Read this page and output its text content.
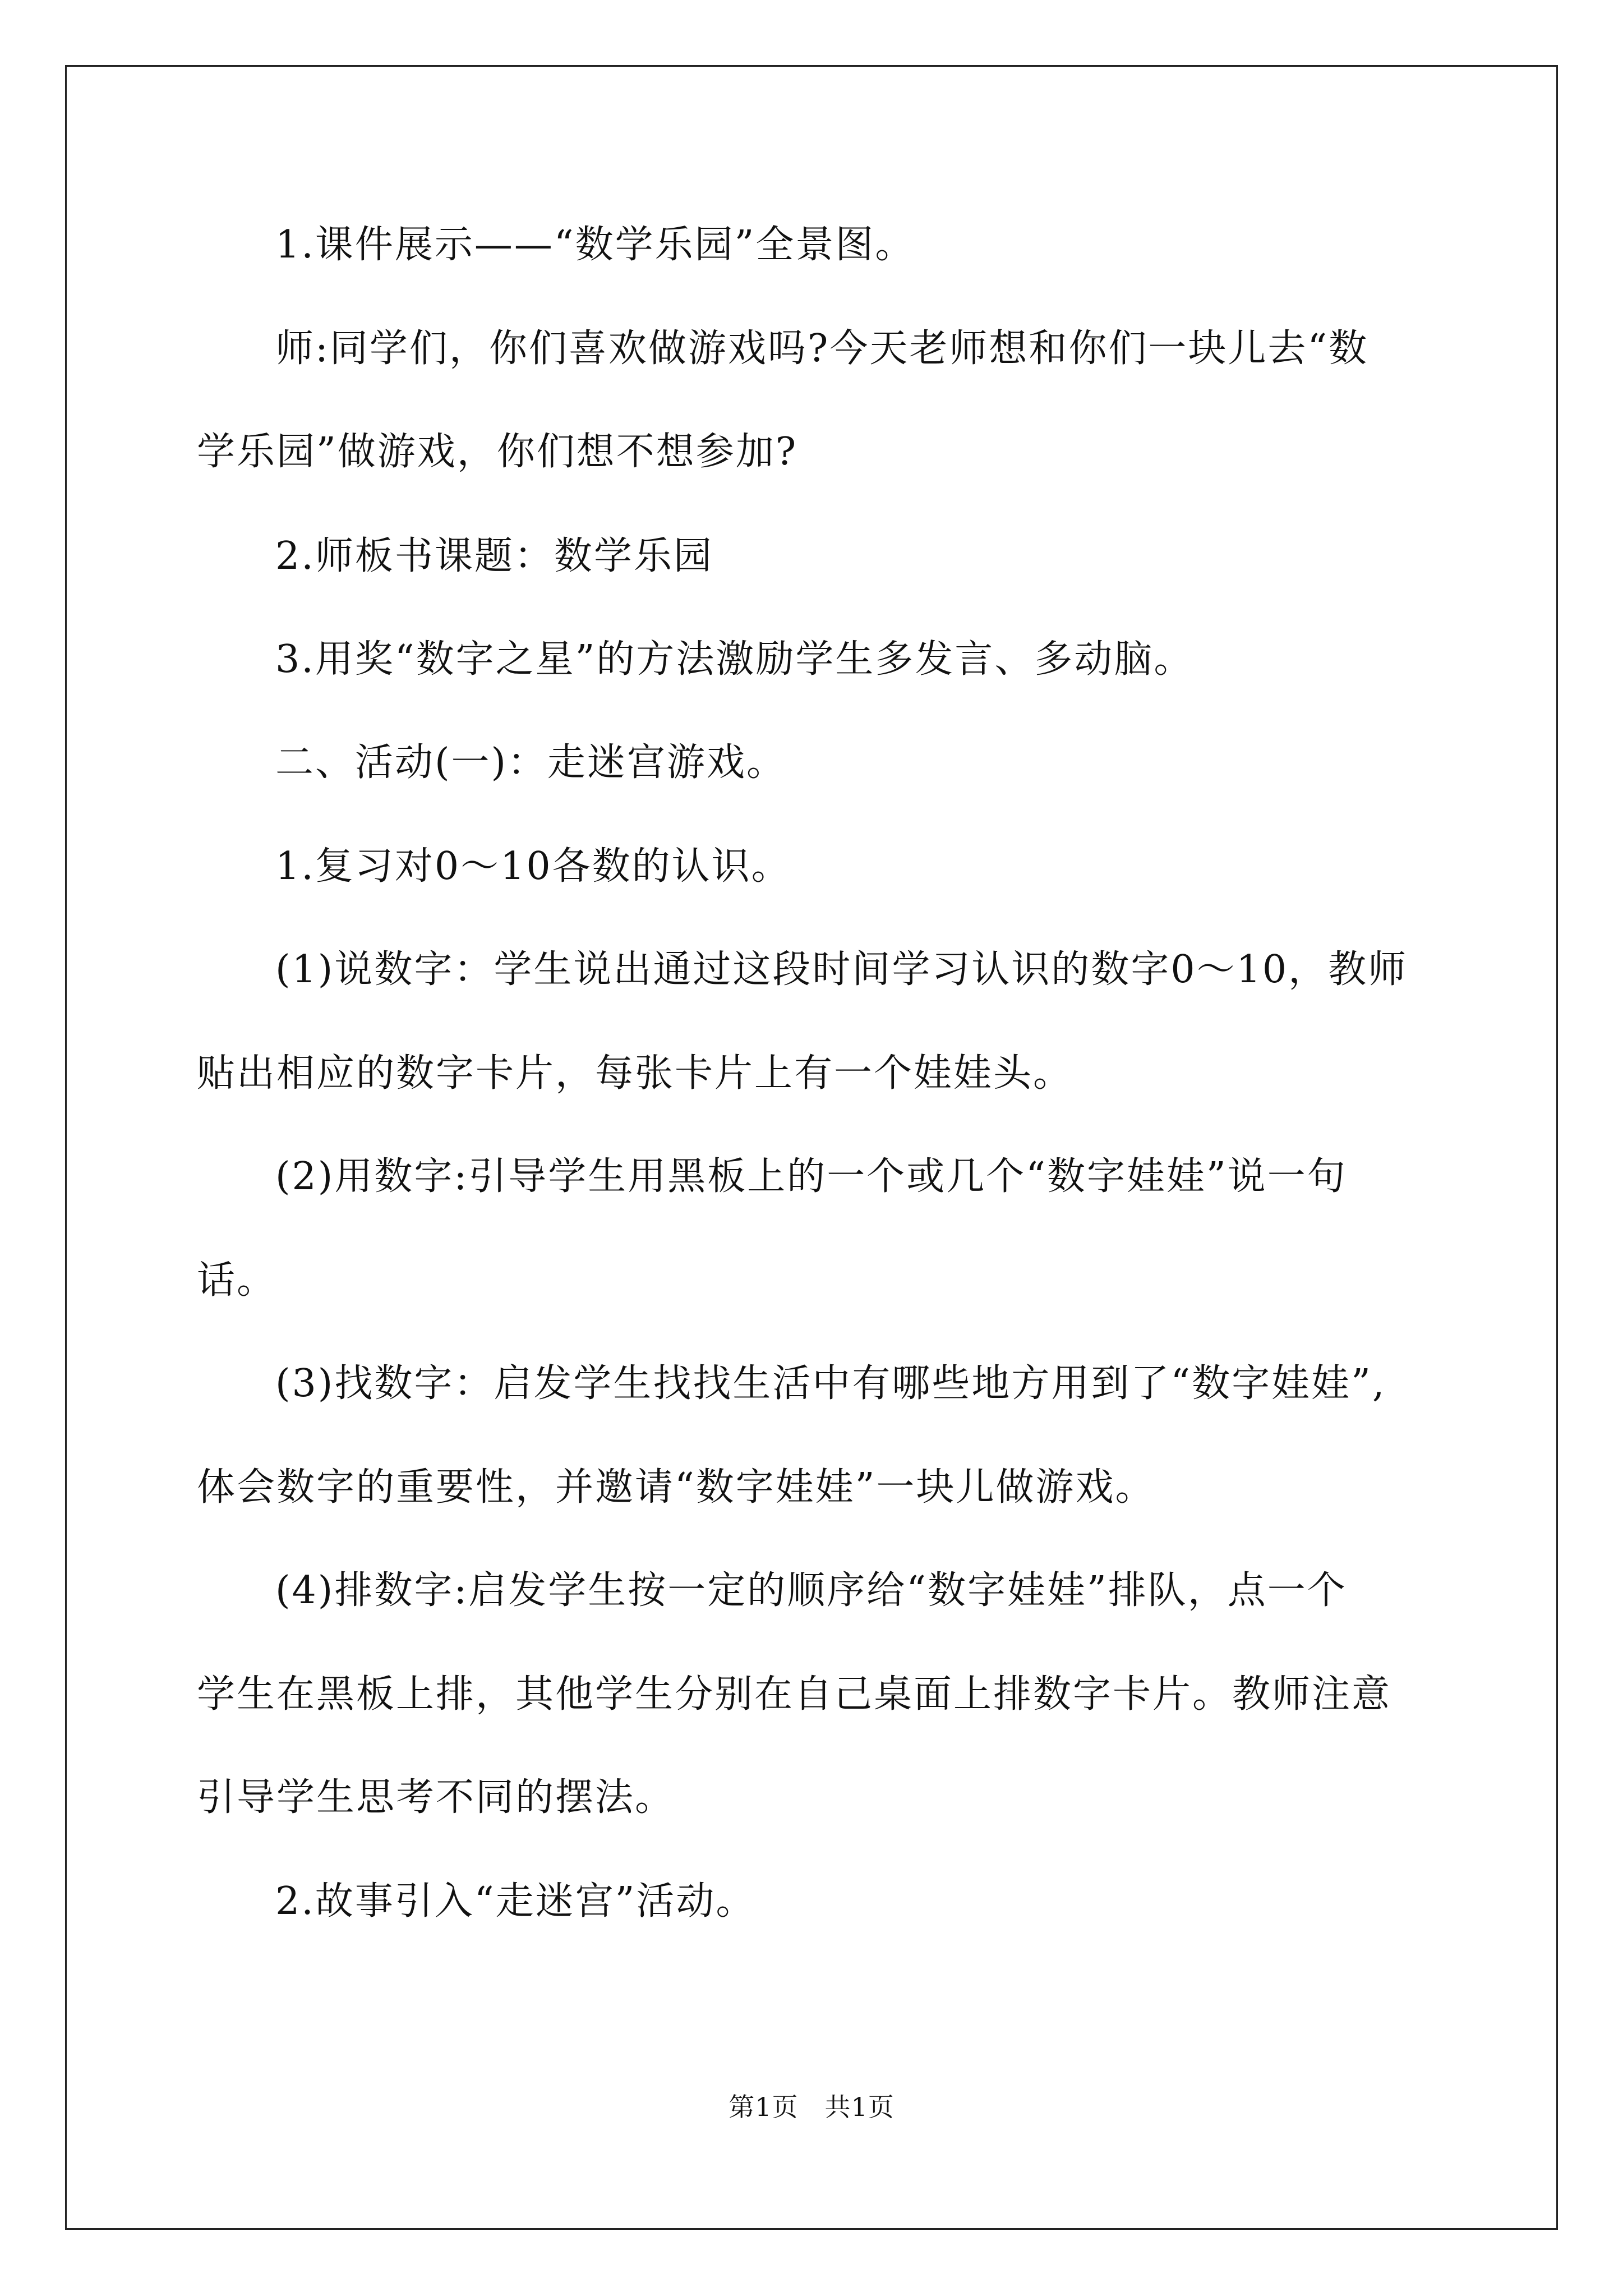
1.课件展示——“数学乐园”全景图。
师:同学们，你们喜欢做游戏吗?今天老师想和你们一块儿去“数
学乐园”做游戏，你们想不想参加?
2.师板书课题：数学乐园
3.用奖“数字之星”的方法激励学生多发言、多动脑。
二、活动(一)：走迷宫游戏。
1.复习对0～10各数的认识。
(1)说数字：学生说出通过这段时间学习认识的数字0～10，教师
贴出相应的数字卡片，每张卡片上有一个娃娃头。
(2)用数字:引导学生用黑板上的一个或几个“数字娃娃”说一句
话。
(3)找数字：启发学生找找生活中有哪些地方用到了“数字娃娃”,
体会数字的重要性，并邀请“数字娃娃”一块儿做游戏。
(4)排数字:启发学生按一定的顺序给“数字娃娃”排队，点一个
学生在黑板上排，其他学生分别在自己桌面上排数字卡片。教师注意
引导学生思考不同的摆法。
2.故事引入“走迷宫”活动。
第1页　共1页
